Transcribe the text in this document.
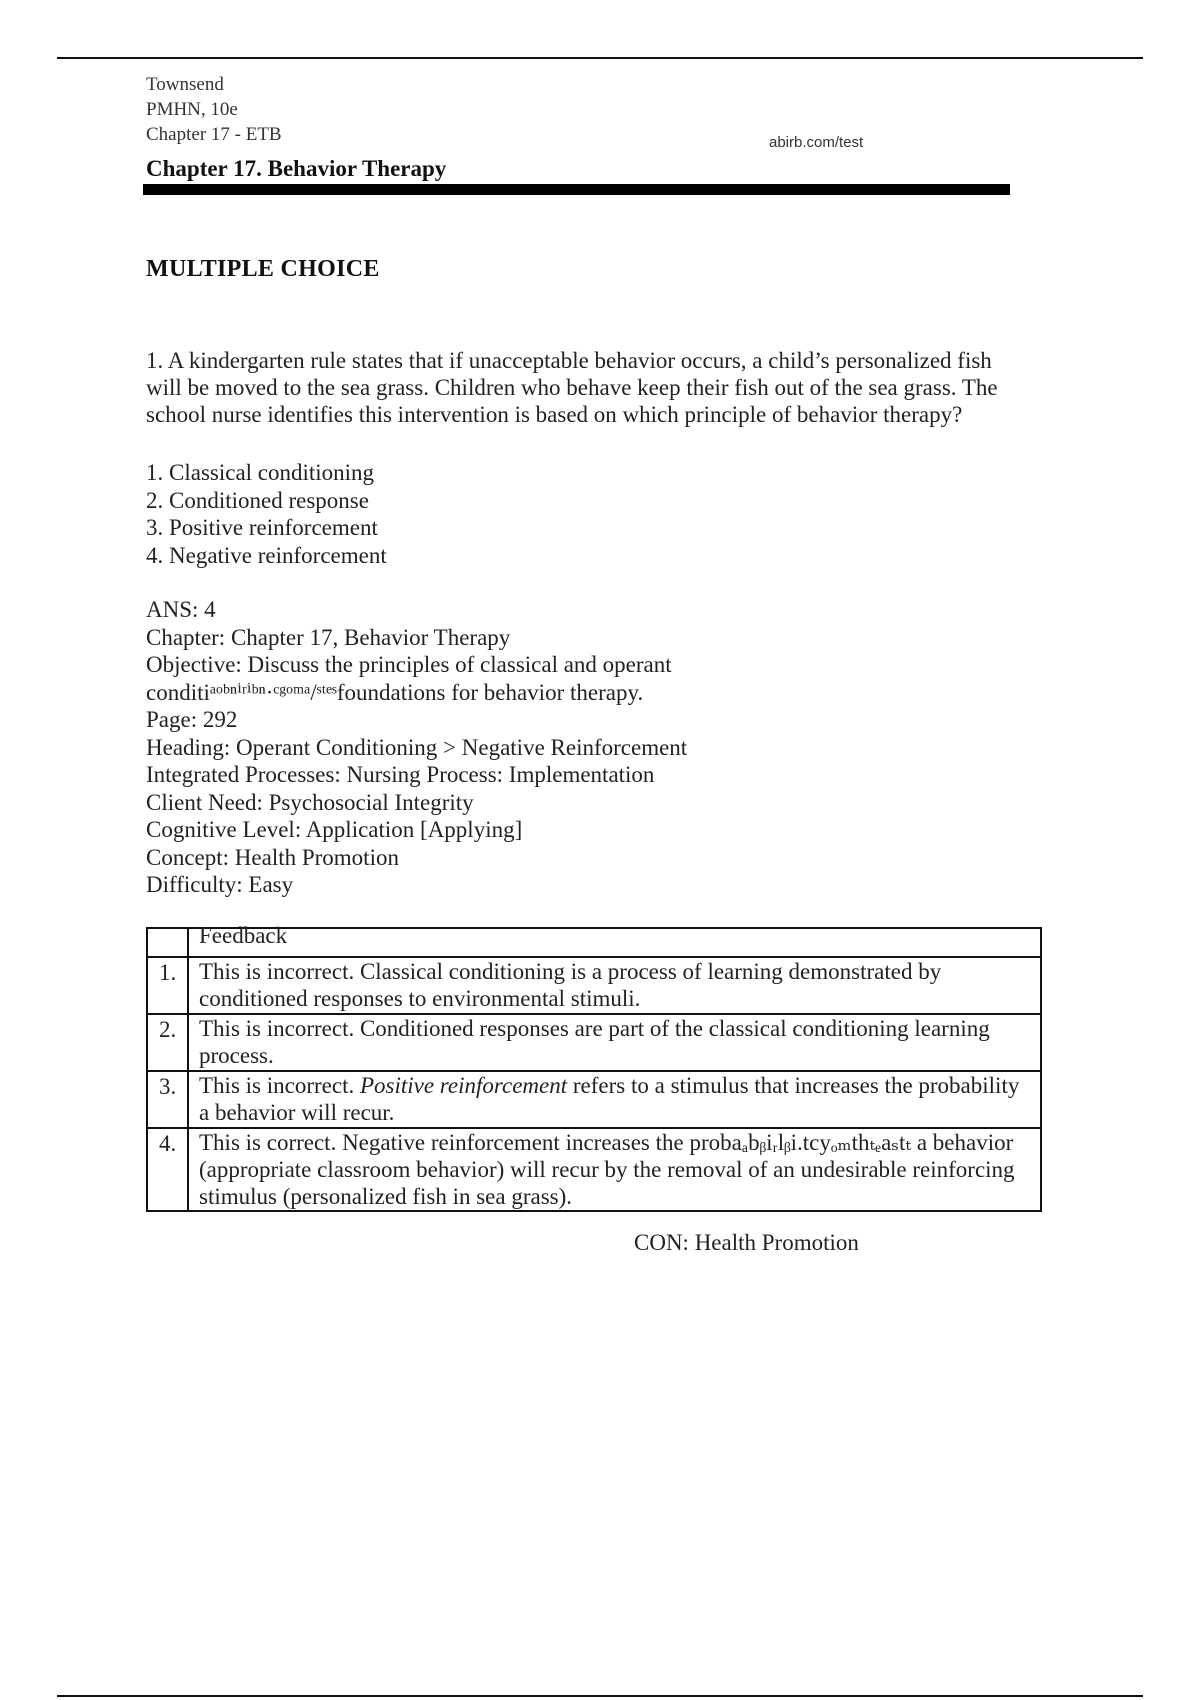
Townsend
PMHN, 10e
Chapter 17 - ETB	abirb.com/test
Chapter 17. Behavior Therapy
MULTIPLE CHOICE
1. A kindergarten rule states that if unacceptable behavior occurs, a child’s personalized fish will be moved to the sea grass. Children who behave keep their fish out of the sea grass. The school nurse identifies this intervention is based on which principle of behavior therapy?
1. Classical conditioning
2. Conditioned response
3. Positive reinforcement
4. Negative reinforcement
ANS: 4
Chapter: Chapter 17, Behavior Therapy
Objective: Discuss the principles of classical and operant
conditiᵃᵒᵇⁿⁱʳⁱᵇⁿ·ᶜᵍᵒᵐᵃ/ˢᵗᵉˢfoundations for behavior therapy.
Page: 292
Heading: Operant Conditioning > Negative Reinforcement
Integrated Processes: Nursing Process: Implementation
Client Need: Psychosocial Integrity
Cognitive Level: Application [Applying]
Concept: Health Promotion
Difficulty: Easy
	Feedback
1.	This is incorrect. Classical conditioning is a process of learning demonstrated by conditioned responses to environmental stimuli.
2.	This is incorrect. Conditioned responses are part of the classical conditioning learning process.
3.	This is incorrect. Positive reinforcement refers to a stimulus that increases the probability a behavior will recur.
4.	This is correct. Negative reinforcement increases the probaₐbᵦiᵣlᵦi.tcyₒₘthₜₑaₛtₜ a behavior (appropriate classroom behavior) will recur by the removal of an undesirable reinforcing stimulus (personalized fish in sea grass).
CON: Health Promotion
